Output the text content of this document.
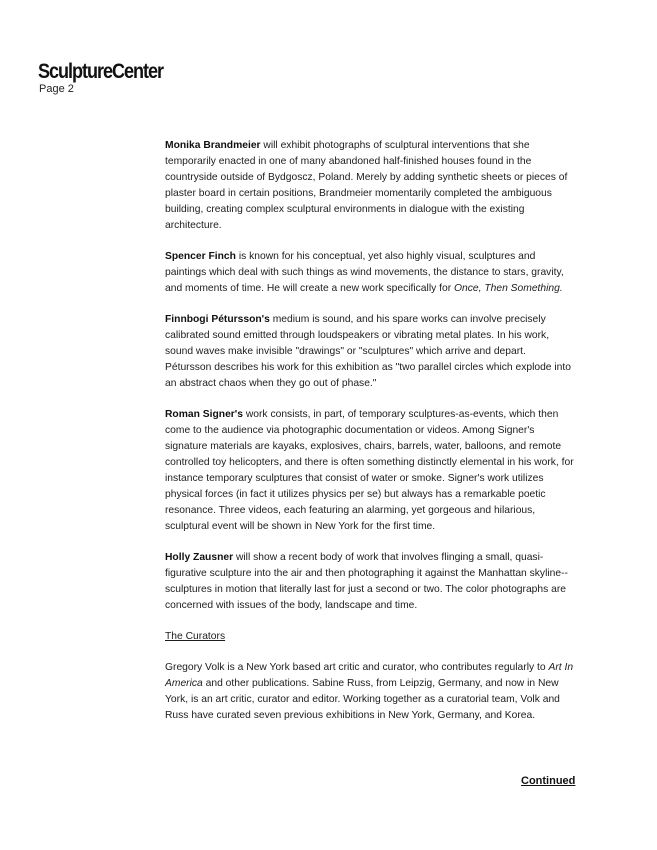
SculptureCenter
Page 2

Monika Brandmeier will exhibit photographs of sculptural interventions that she temporarily enacted in one of many abandoned half-finished houses found in the countryside outside of Bydgoscz, Poland. Merely by adding synthetic sheets or pieces of plaster board in certain positions, Brandmeier momentarily completed the ambiguous building, creating complex sculptural environments in dialogue with the existing architecture.

Spencer Finch is known for his conceptual, yet also highly visual, sculptures and paintings which deal with such things as wind movements, the distance to stars, gravity, and moments of time. He will create a new work specifically for Once, Then Something.

Finnbogi Pétursson's medium is sound, and his spare works can involve precisely calibrated sound emitted through loudspeakers or vibrating metal plates. In his work, sound waves make invisible "drawings" or "sculptures" which arrive and depart. Pétursson describes his work for this exhibition as "two parallel circles which explode into an abstract chaos when they go out of phase."

Roman Signer's work consists, in part, of temporary sculptures-as-events, which then come to the audience via photographic documentation or videos. Among Signer's signature materials are kayaks, explosives, chairs, barrels, water, balloons, and remote controlled toy helicopters, and there is often something distinctly elemental in his work, for instance temporary sculptures that consist of water or smoke. Signer's work utilizes physical forces (in fact it utilizes physics per se) but always has a remarkable poetic resonance. Three videos, each featuring an alarming, yet gorgeous and hilarious, sculptural event will be shown in New York for the first time.

Holly Zausner will show a recent body of work that involves flinging a small, quasi-figurative sculpture into the air and then photographing it against the Manhattan skyline--sculptures in motion that literally last for just a second or two. The color photographs are concerned with issues of the body, landscape and time.

The Curators

Gregory Volk is a New York based art critic and curator, who contributes regularly to Art In America and other publications. Sabine Russ, from Leipzig, Germany, and now in New York, is an art critic, curator and editor. Working together as a curatorial team, Volk and Russ have curated seven previous exhibitions in New York, Germany, and Korea.

Continued
